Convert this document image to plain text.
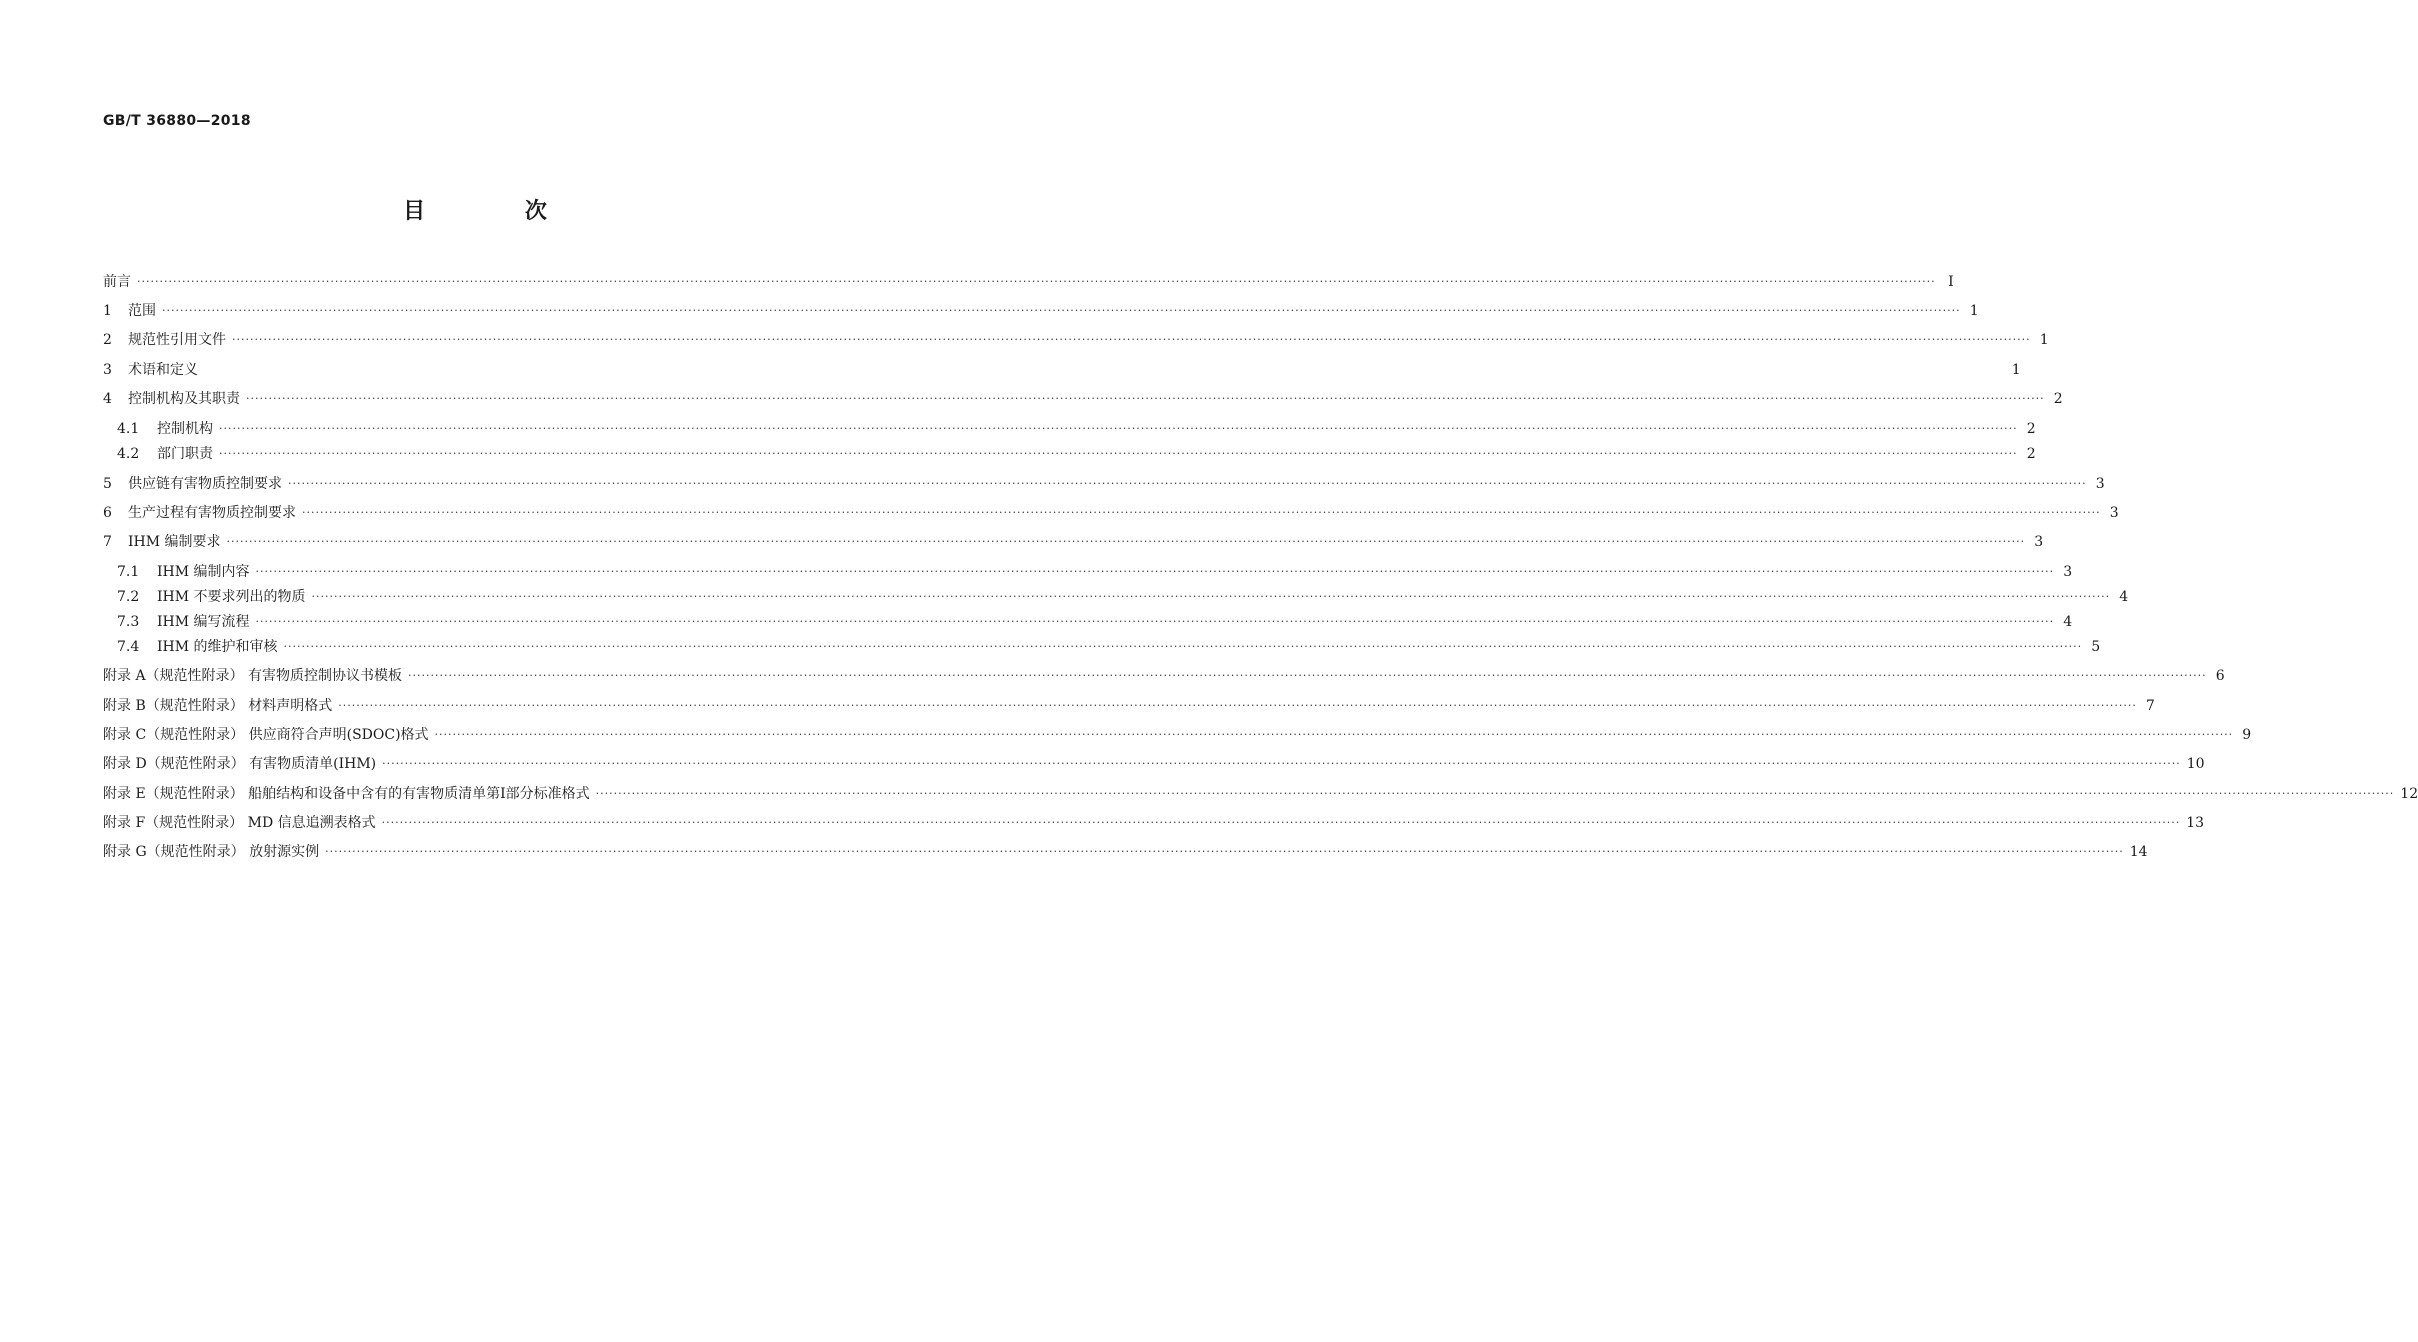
GB/T 36880—2018
目 次
前言 ················································································································································································································································································································································································································ Ⅰ
1	范围 ················································································································································································································································································································································································································ 1
2	规范性引用文件 ················································································································································································································································································································································································································ 1
3	术语和定义	1
4	控制机构及其职责 ················································································································································································································································································································································································································ 2
4.1	控制机构 ················································································································································································································································································································································································································ 2
4.2	部门职责 ················································································································································································································································································································································································································ 2
5	供应链有害物质控制要求 ················································································································································································································································································································································································································ 3
6	生产过程有害物质控制要求 ················································································································································································································································································································································································································ 3
7	IHM 编制要求 ················································································································································································································································································································································································································ 3
7.1	IHM 编制内容 ················································································································································································································································································································································································································ 3
7.2	IHM 不要求列出的物质 ················································································································································································································································································································································································································ 4
7.3	IHM 编写流程 ················································································································································································································································································································································································································ 4
7.4	IHM 的维护和审核 ················································································································································································································································································································································································································ 5
附录 A（规范性附录） 有害物质控制协议书模板 ················································································································································································································································································································································································································ 6
附录 B（规范性附录） 材料声明格式 ················································································································································································································································································································································································································ 7
附录 C（规范性附录） 供应商符合声明(SDOC)格式 ················································································································································································································································································································································································································ 9
附录 D（规范性附录） 有害物质清单(IHM) ················································································································································································································································································································································································································ 10
附录 E（规范性附录） 船舶结构和设备中含有的有害物质清单第Ⅰ部分标准格式 ················································································································································································································································································································································································································ 12
附录 F（规范性附录） MD 信息追溯表格式 ················································································································································································································································································································································································································ 13
附录 G（规范性附录） 放射源实例 ················································································································································································································································································································································································································ 14
